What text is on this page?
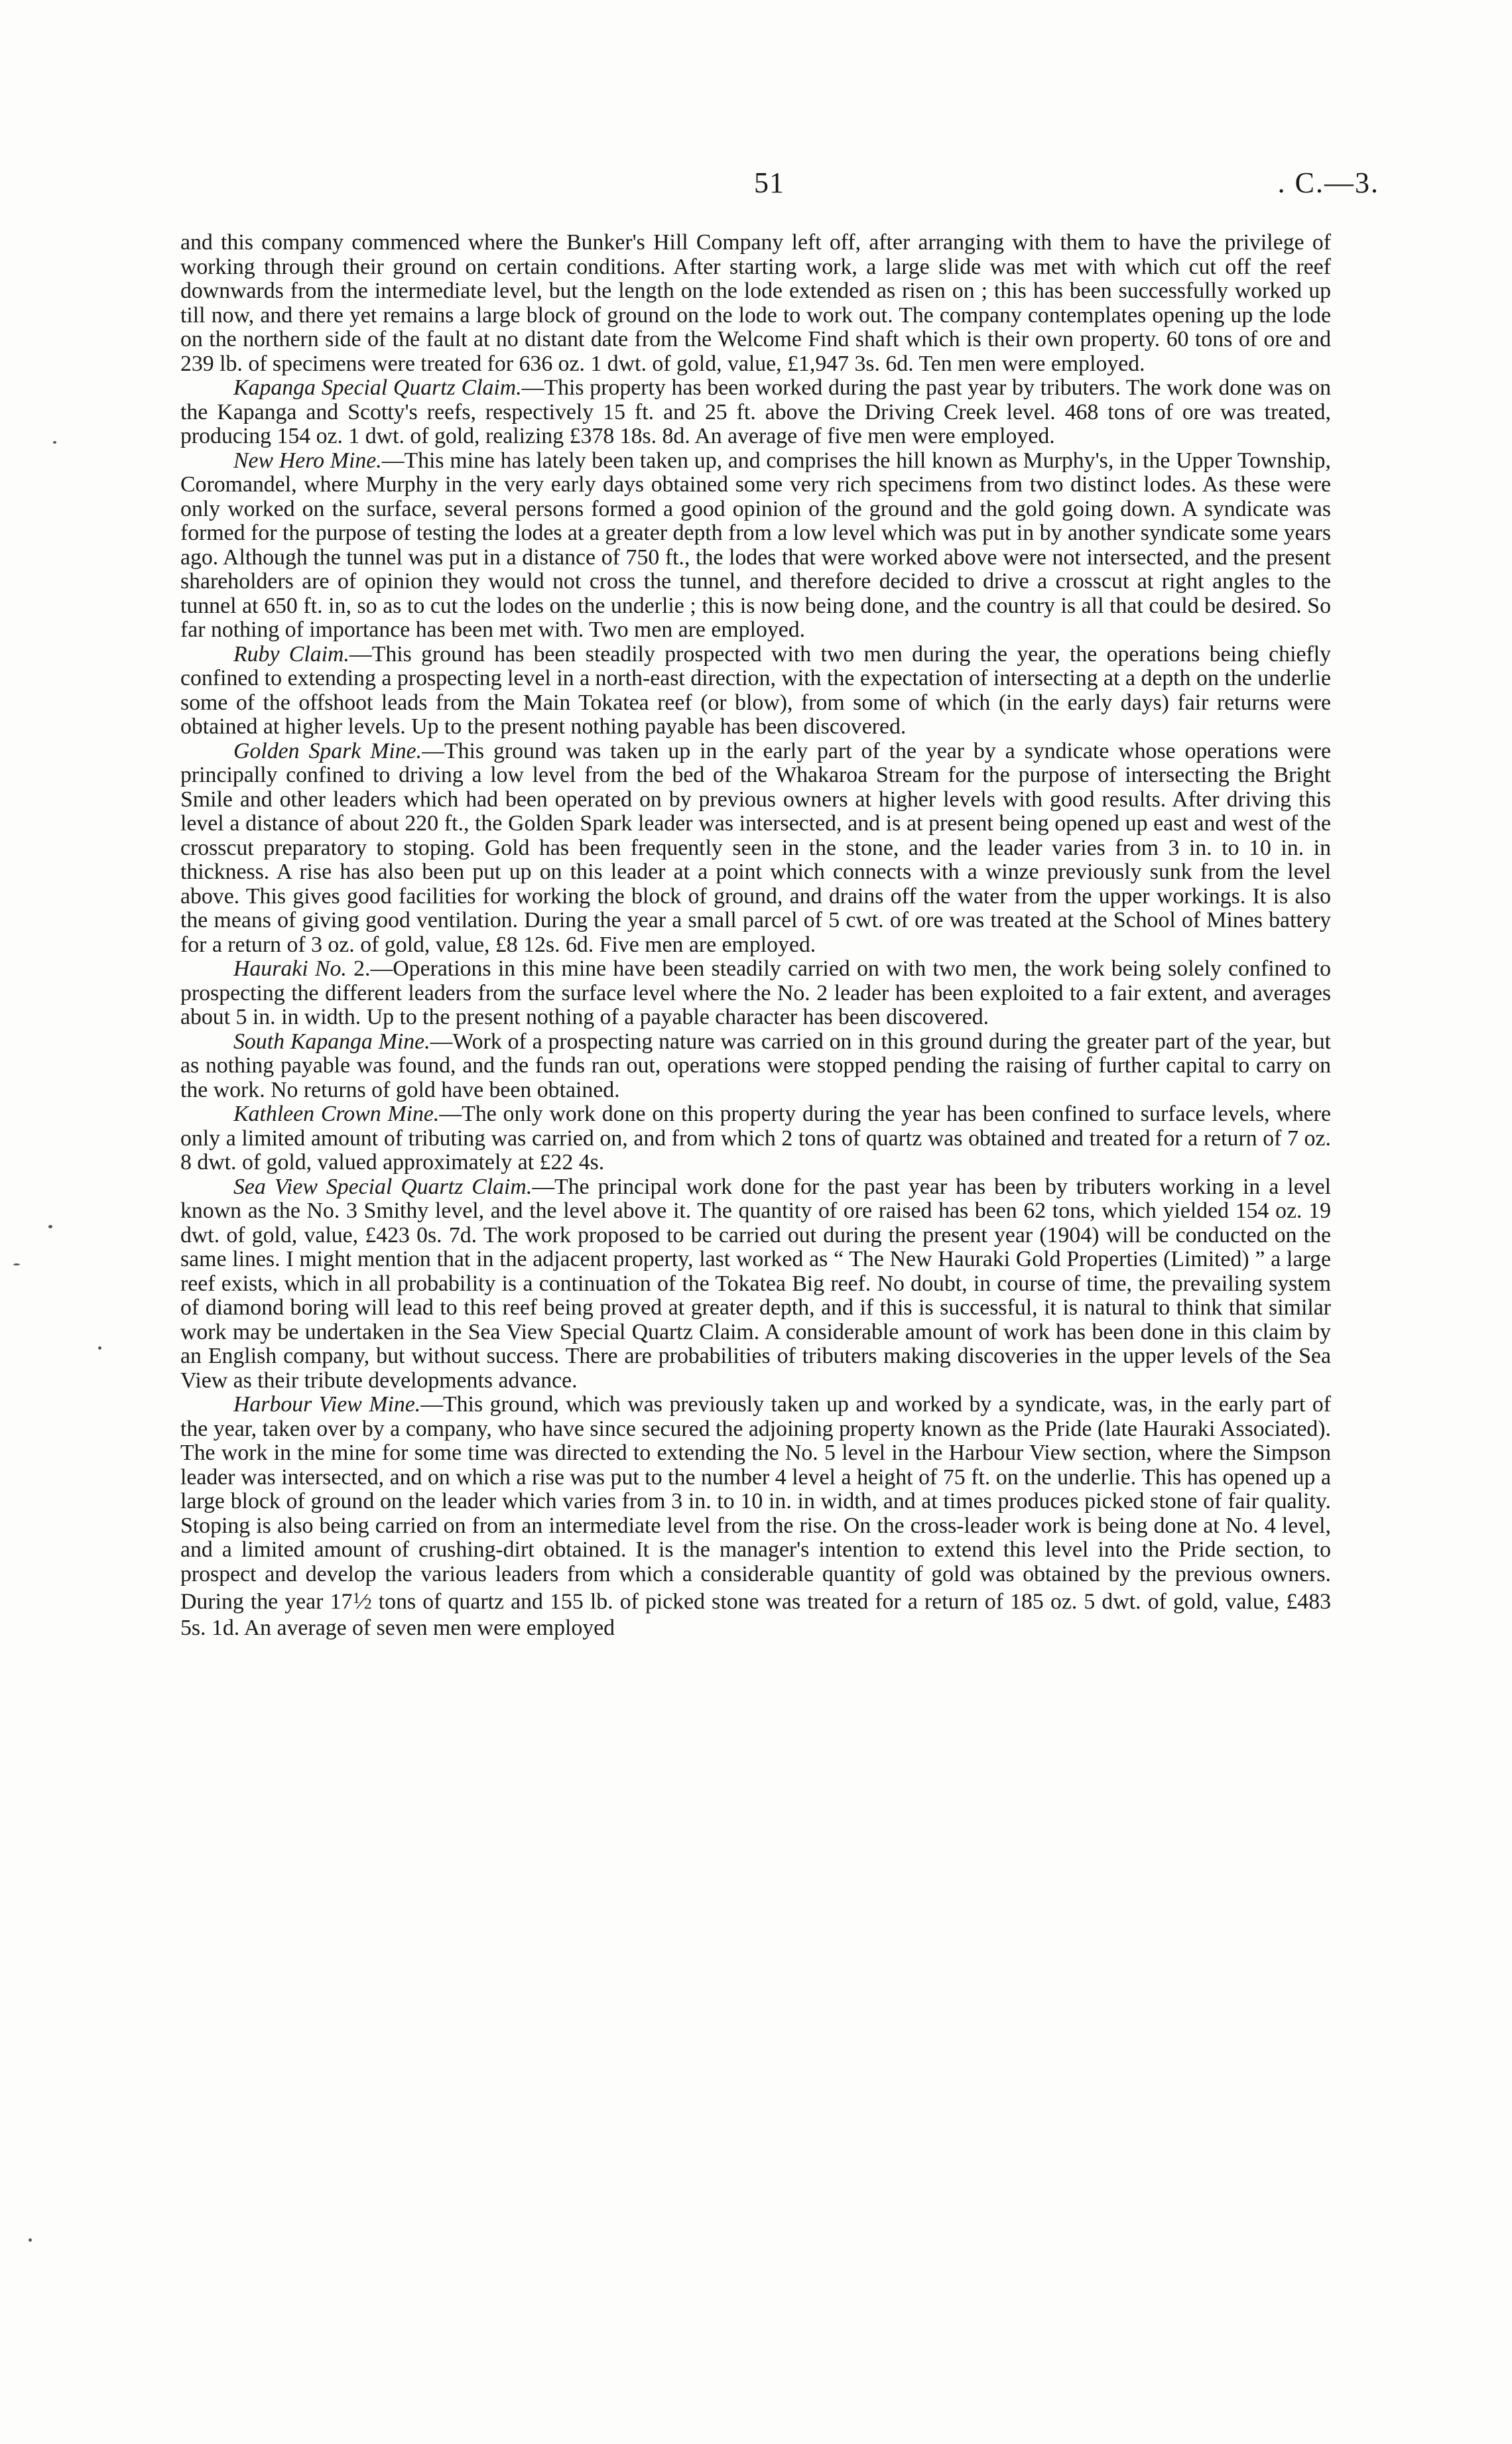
51	. C.—3.

and this company commenced where the Bunker's Hill Company left off, after arranging with them to have the privilege of working through their ground on certain conditions. After starting work, a large slide was met with which cut off the reef downwards from the intermediate level, but the length on the lode extended as risen on ; this has been successfully worked up till now, and there yet remains a large block of ground on the lode to work out. The company contemplates opening up the lode on the northern side of the fault at no distant date from the Welcome Find shaft which is their own property. 60 tons of ore and 239 lb. of specimens were treated for 636 oz. 1 dwt. of gold, value, £1,947 3s. 6d. Ten men were employed.

Kapanga Special Quartz Claim.—This property has been worked during the past year by tributers. The work done was on the Kapanga and Scotty's reefs, respectively 15 ft. and 25 ft. above the Driving Creek level. 468 tons of ore was treated, producing 154 oz. 1 dwt. of gold, realizing £378 18s. 8d. An average of five men were employed.

New Hero Mine.—This mine has lately been taken up, and comprises the hill known as Murphy's, in the Upper Township, Coromandel, where Murphy in the very early days obtained some very rich specimens from two distinct lodes. As these were only worked on the surface, several persons formed a good opinion of the ground and the gold going down. A syndicate was formed for the purpose of testing the lodes at a greater depth from a low level which was put in by another syndicate some years ago. Although the tunnel was put in a distance of 750 ft., the lodes that were worked above were not intersected, and the present shareholders are of opinion they would not cross the tunnel, and therefore decided to drive a crosscut at right angles to the tunnel at 650 ft. in, so as to cut the lodes on the underlie ; this is now being done, and the country is all that could be desired. So far nothing of importance has been met with. Two men are employed.

Ruby Claim.—This ground has been steadily prospected with two men during the year, the operations being chiefly confined to extending a prospecting level in a north-east direction, with the expectation of intersecting at a depth on the underlie some of the offshoot leads from the Main Tokatea reef (or blow), from some of which (in the early days) fair returns were obtained at higher levels. Up to the present nothing payable has been discovered.

Golden Spark Mine.—This ground was taken up in the early part of the year by a syndicate whose operations were principally confined to driving a low level from the bed of the Whakaroa Stream for the purpose of intersecting the Bright Smile and other leaders which had been operated on by previous owners at higher levels with good results. After driving this level a distance of about 220 ft., the Golden Spark leader was intersected, and is at present being opened up east and west of the crosscut preparatory to stoping. Gold has been frequently seen in the stone, and the leader varies from 3 in. to 10 in. in thickness. A rise has also been put up on this leader at a point which connects with a winze previously sunk from the level above. This gives good facilities for working the block of ground, and drains off the water from the upper workings. It is also the means of giving good ventilation. During the year a small parcel of 5 cwt. of ore was treated at the School of Mines battery for a return of 3 oz. of gold, value, £8 12s. 6d. Five men are employed.

Hauraki No. 2.—Operations in this mine have been steadily carried on with two men, the work being solely confined to prospecting the different leaders from the surface level where the No. 2 leader has been exploited to a fair extent, and averages about 5 in. in width. Up to the present nothing of a payable character has been discovered.

South Kapanga Mine.—Work of a prospecting nature was carried on in this ground during the greater part of the year, but as nothing payable was found, and the funds ran out, operations were stopped pending the raising of further capital to carry on the work. No returns of gold have been obtained.

Kathleen Crown Mine.—The only work done on this property during the year has been confined to surface levels, where only a limited amount of tributing was carried on, and from which 2 tons of quartz was obtained and treated for a return of 7 oz. 8 dwt. of gold, valued approximately at £22 4s.

Sea View Special Quartz Claim.—The principal work done for the past year has been by tributers working in a level known as the No. 3 Smithy level, and the level above it. The quantity of ore raised has been 62 tons, which yielded 154 oz. 19 dwt. of gold, value, £423 0s. 7d. The work proposed to be carried out during the present year (1904) will be conducted on the same lines. I might mention that in the adjacent property, last worked as “ The New Hauraki Gold Properties (Limited) ” a large reef exists, which in all probability is a continuation of the Tokatea Big reef. No doubt, in course of time, the prevailing system of diamond boring will lead to this reef being proved at greater depth, and if this is successful, it is natural to think that similar work may be undertaken in the Sea View Special Quartz Claim. A considerable amount of work has been done in this claim by an English company, but without success. There are probabilities of tributers making discoveries in the upper levels of the Sea View as their tribute developments advance.

Harbour View Mine.—This ground, which was previously taken up and worked by a syndicate, was, in the early part of the year, taken over by a company, who have since secured the adjoining property known as the Pride (late Hauraki Associated). The work in the mine for some time was directed to extending the No. 5 level in the Harbour View section, where the Simpson leader was intersected, and on which a rise was put to the number 4 level a height of 75 ft. on the underlie. This has opened up a large block of ground on the leader which varies from 3 in. to 10 in. in width, and at times produces picked stone of fair quality. Stoping is also being carried on from an intermediate level from the rise. On the cross-leader work is being done at No. 4 level, and a limited amount of crushing-dirt obtained. It is the manager's intention to extend this level into the Pride section, to prospect and develop the various leaders from which a considerable quantity of gold was obtained by the previous owners. During the year $17^1⁄2$ tons of quartz and 155 lb. of picked stone was treated for a return of 185 oz. 5 dwt. of gold, value, £483 5s. 1d. An average of seven men were employed
